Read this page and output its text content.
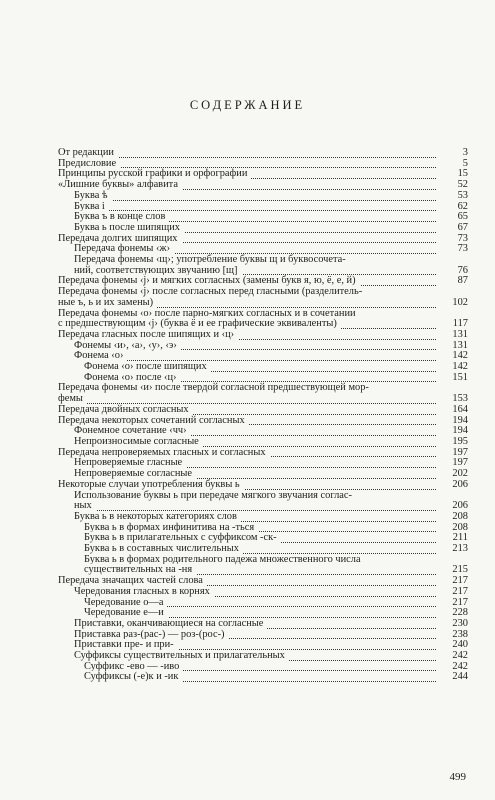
СОДЕРЖАНИЕ
От редакции	3
Предисловие	5
Принципы русской графики и орфографии	15
«Лишние буквы» алфавита	52
Буква ѣ	53
Буква і	62
Буква ъ в конце слов	65
Буква ь после шипящих	67
Передача долгих шипящих	73
Передача фонемы ‹ж›	73
Передача фонемы ‹щ›; употребление буквы щ и буквосочета-
ний, соответствующих звучанию [щ]	76
Передача фонемы ‹j› и мягких согласных (замены букв я, ю, ё, е, й)	87
Передача фонемы ‹j› после согласных перед гласными (разделитель-
ные ъ, ь и их замены)	102
Передача фонемы ‹о› после парно-мягких согласных и в сочетании
с предшествующим ‹j› (буква ё и ее графические эквиваленты)	117
Передача гласных после шипящих и ‹ц›	131
Фонемы ‹и›, ‹а›, ‹у›, ‹э›	131
Фонема ‹о›	142
Фонема ‹о› после шипящих	142
Фонема ‹о› после ‹ц›	151
Передача фонемы ‹и› после твердой согласной предшествующей мор-
фемы	153
Передача двойных согласных	164
Передача некоторых сочетаний согласных	194
Фонемное сочетание ‹чч›	194
Непроизносимые согласные	195
Передача непроверяемых гласных и согласных	197
Непроверяемые гласные	197
Непроверяемые согласные	202
Некоторые случаи употребления буквы ь	206
Использование буквы ь при передаче мягкого звучания соглас-
ных	206
Буква ь в некоторых категориях слов	208
Буква ь в формах инфинитива на -ться	208
Буква ь в прилагательных с суффиксом -ск-	211
Буква ь в составных числительных	213
Буква ь в формах родительного падежа множественного числа
существительных на -ня	215
Передача значащих частей слова	217
Чередования гласных в корнях	217
Чередование о—а	217
Чередование е—и	228
Приставки, оканчивающиеся на согласные	230
Приставка раз-(рас-) — роз-(рос-)	238
Приставки пре- и при-	240
Суффиксы существительных и прилагательных	242
Суффикс -ево — -иво	242
Суффиксы (-е)к и -ик	244
499
